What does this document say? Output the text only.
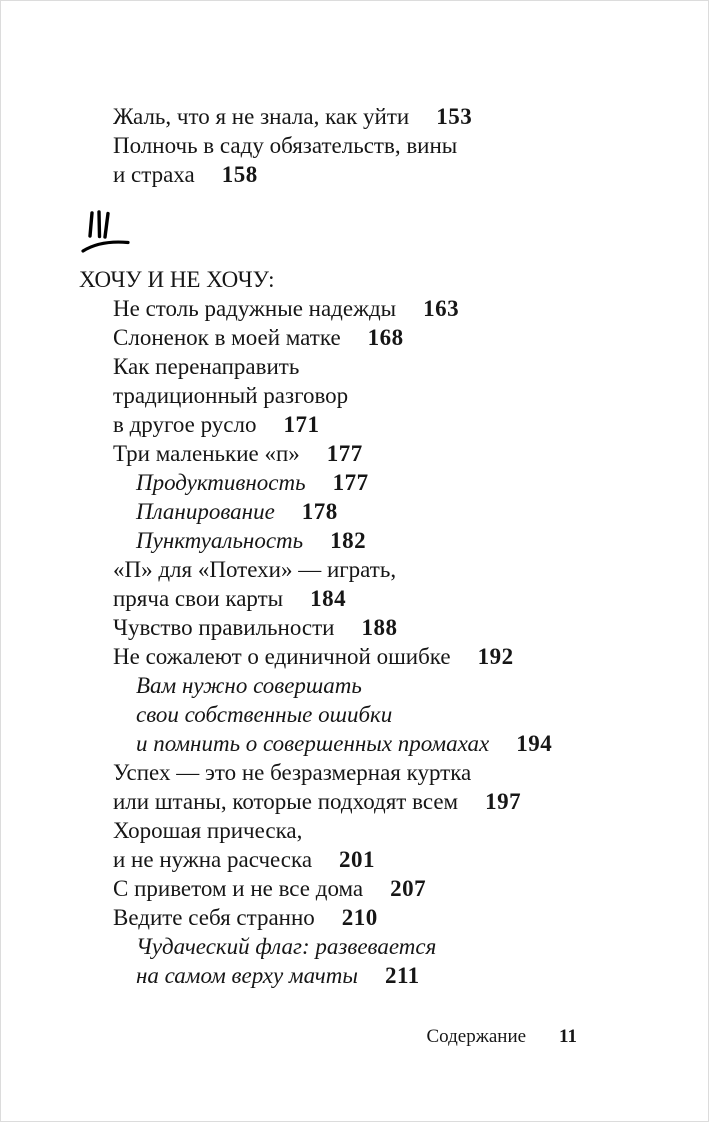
Жаль, что я не знала, как уйти 153
Полночь в саду обязательств, вины
и страха 158
ХОЧУ И НЕ ХОЧУ:
Не столь радужные надежды 163
Слоненок в моей матке 168
Как перенаправить
традиционный разговор
в другое русло 171
Три маленькие «п» 177
Продуктивность 177
Планирование 178
Пунктуальность 182
«П» для «Потехи» — играть,
пряча свои карты 184
Чувство правильности 188
Не сожалеют о единичной ошибке 192
Вам нужно совершать
свои собственные ошибки
и помнить о совершенных промахах 194
Успех — это не безразмерная куртка
или штаны, которые подходят всем 197
Хорошая прическа,
и не нужна расческа 201
С приветом и не все дома 207
Ведите себя странно 210
Чудаческий флаг: развевается
на самом верху мачты 211
Содержание 11
